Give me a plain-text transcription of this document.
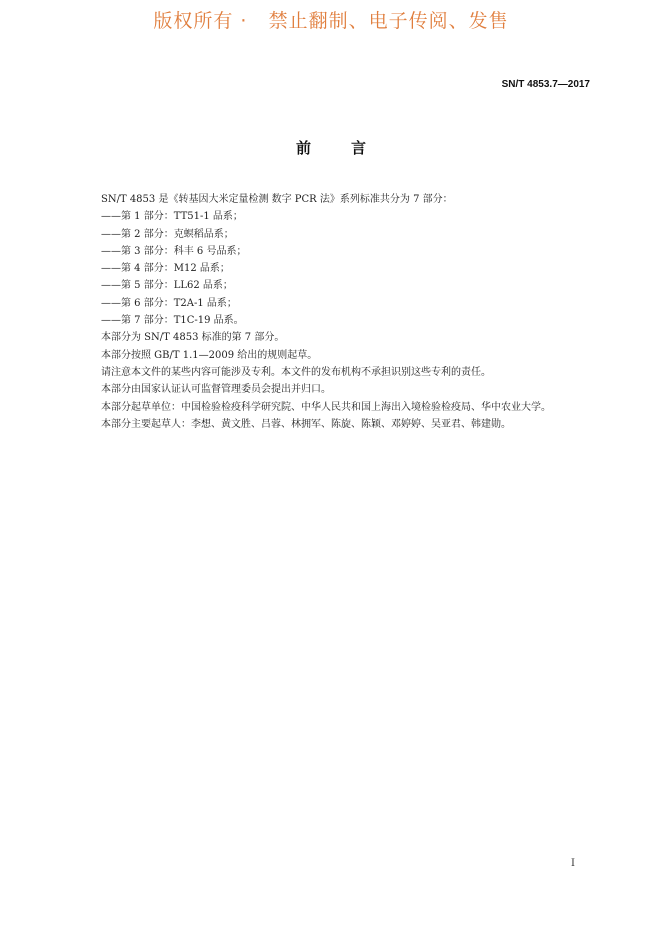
版权所有 ·   禁止翻制、电子传阅、发售
SN/T 4853.7—2017
前言

SN/T 4853 是《转基因大米定量检测 数字 PCR 法》系列标准共分为 7 部分：

——第 1 部分：TT51-1 品系；

——第 2 部分：克螟稻品系；

——第 3 部分：科丰 6 号品系；

——第 4 部分：M12 品系；

——第 5 部分：LL62 品系；

——第 6 部分：T2A-1 品系；

——第 7 部分：T1C-19 品系。

本部分为 SN/T 4853 标准的第 7 部分。

本部分按照 GB/T 1.1—2009 给出的规则起草。

请注意本文件的某些内容可能涉及专利。本文件的发布机构不承担识别这些专利的责任。

本部分由国家认证认可监督管理委员会提出并归口。

本部分起草单位：中国检验检疫科学研究院、中华人民共和国上海出入境检验检疫局、华中农业大学。

本部分主要起草人：李想、黄文胜、吕蓉、林拥军、陈旋、陈颖、邓婷婷、吴亚君、韩建勋。

I
